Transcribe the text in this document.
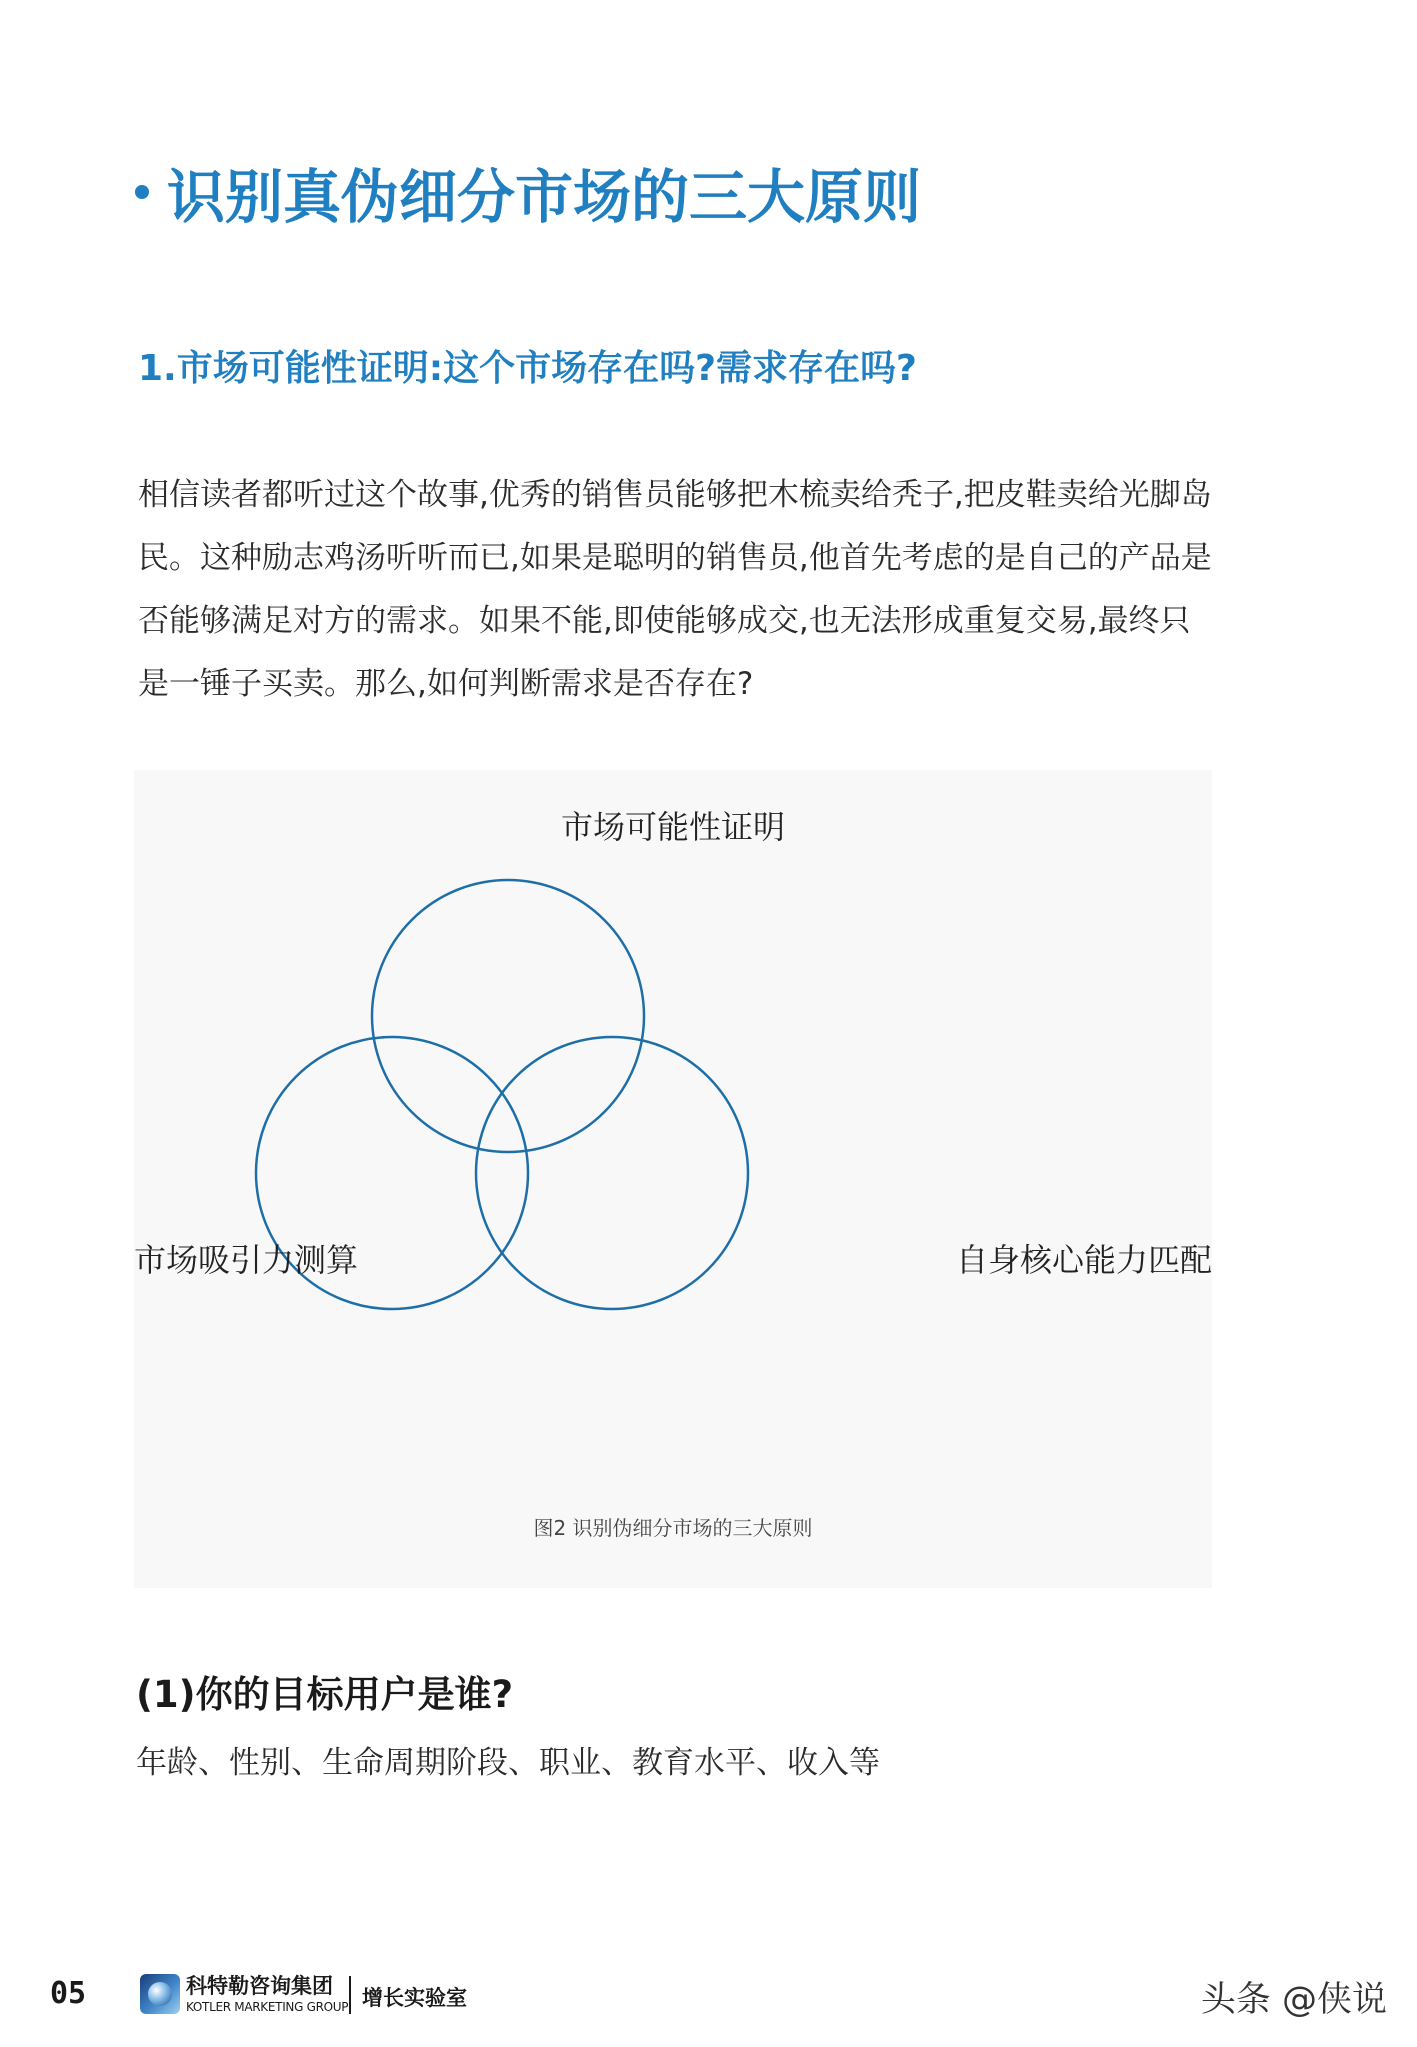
识别真伪细分市场的三大原则
1.市场可能性证明:这个市场存在吗?需求存在吗?

相信读者都听过这个故事,优秀的销售员能够把木梳卖给秃子,把皮鞋卖给光脚岛民。这种励志鸡汤听听而已,如果是聪明的销售员,他首先考虑的是自己的产品是否能够满足对方的需求。如果不能,即使能够成交,也无法形成重复交易,最终只是一锤子买卖。那么,如何判断需求是否存在?

市场可能性证明
市场吸引力测算	自身核心能力匹配
图2 识别伪细分市场的三大原则
(1)你的目标用户是谁?
年龄、性别、生命周期阶段、职业、教育水平、收入等
05	科特勒咨询集团
KOTLER MARKETING GROUP 增长实验室	头条 @侠说
